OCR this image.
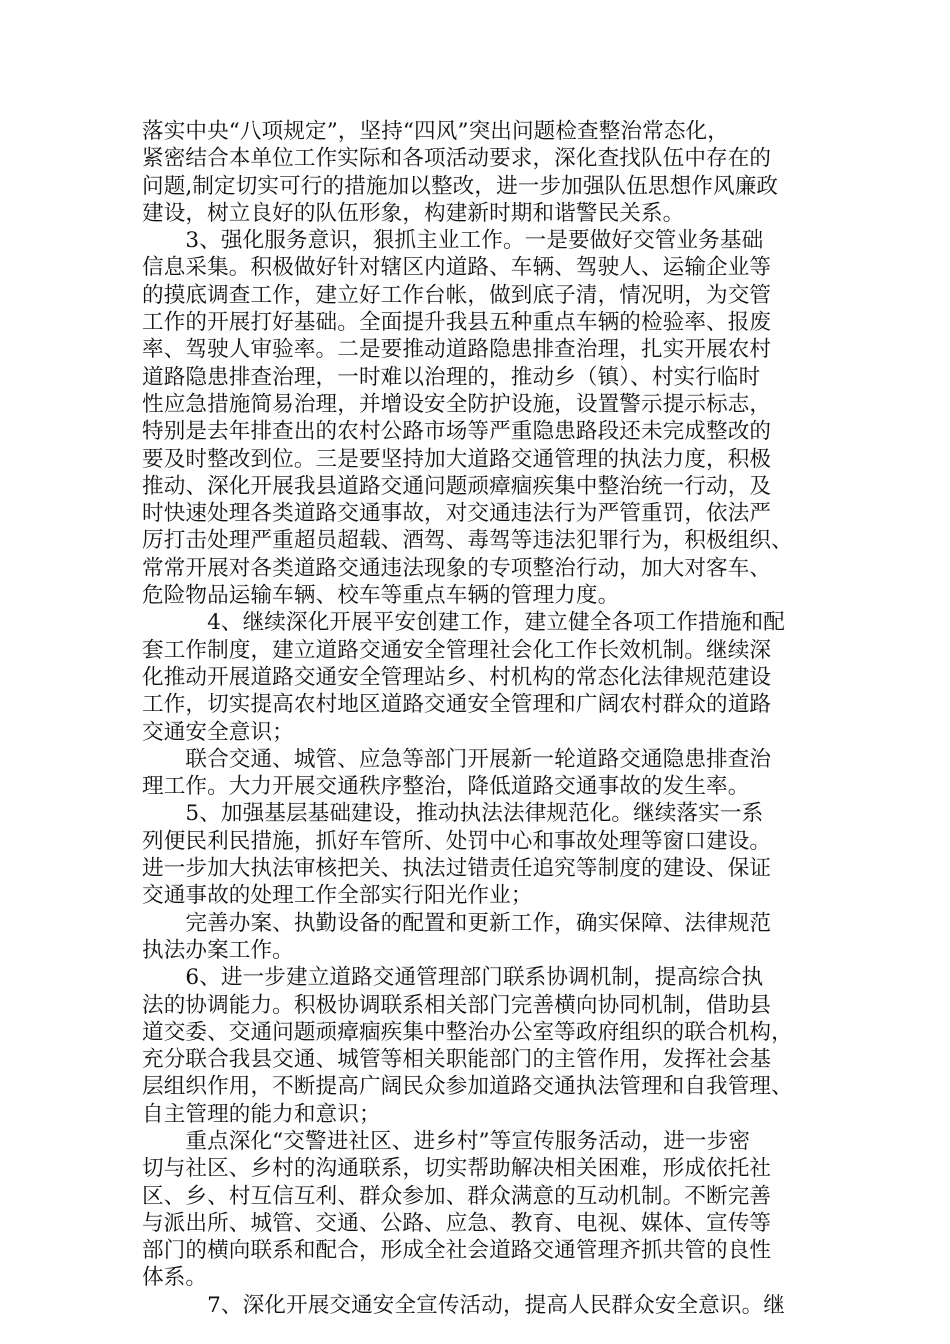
落实中央“八项规定”，坚持“四风”突出问题检查整治常态化，
紧密结合本单位工作实际和各项活动要求，深化查找队伍中存在的
问题,制定切实可行的措施加以整改，进一步加强队伍思想作风廉政
建设，树立良好的队伍形象，构建新时期和谐警民关系。
　　3、强化服务意识，狠抓主业工作。一是要做好交管业务基础
信息采集。积极做好针对辖区内道路、车辆、驾驶人、运输企业等
的摸底调查工作，建立好工作台帐，做到底子清，情况明，为交管
工作的开展打好基础。全面提升我县五种重点车辆的检验率、报废
率、驾驶人审验率。二是要推动道路隐患排查治理，扎实开展农村
道路隐患排查治理，一时难以治理的，推动乡（镇）、村实行临时
性应急措施简易治理，并增设安全防护设施，设置警示提示标志，
特别是去年排查出的农村公路市场等严重隐患路段还未完成整改的
要及时整改到位。三是要坚持加大道路交通管理的执法力度，积极
推动、深化开展我县道路交通问题顽瘴痼疾集中整治统一行动，及
时快速处理各类道路交通事故，对交通违法行为严管重罚，依法严
厉打击处理严重超员超载、酒驾、毒驾等违法犯罪行为，积极组织、
常常开展对各类道路交通违法现象的专项整治行动，加大对客车、
危险物品运输车辆、校车等重点车辆的管理力度。
　　　4、继续深化开展平安创建工作，建立健全各项工作措施和配
套工作制度，建立道路交通安全管理社会化工作长效机制。继续深
化推动开展道路交通安全管理站乡、村机构的常态化法律规范建设
工作，切实提高农村地区道路交通安全管理和广阔农村群众的道路
交通安全意识；
　　联合交通、城管、应急等部门开展新一轮道路交通隐患排查治
理工作。大力开展交通秩序整治，降低道路交通事故的发生率。
　　5、加强基层基础建设，推动执法法律规范化。继续落实一系
列便民利民措施，抓好车管所、处罚中心和事故处理等窗口建设。
进一步加大执法审核把关、执法过错责任追究等制度的建设、保证
交通事故的处理工作全部实行阳光作业；
　　完善办案、执勤设备的配置和更新工作，确实保障、法律规范
执法办案工作。
　　6、进一步建立道路交通管理部门联系协调机制，提高综合执
法的协调能力。积极协调联系相关部门完善横向协同机制，借助县
道交委、交通问题顽瘴痼疾集中整治办公室等政府组织的联合机构，
充分联合我县交通、城管等相关职能部门的主管作用，发挥社会基
层组织作用，不断提高广阔民众参加道路交通执法管理和自我管理、
自主管理的能力和意识；
　　重点深化“交警进社区、进乡村”等宣传服务活动，进一步密
切与社区、乡村的沟通联系，切实帮助解决相关困难，形成依托社
区、乡、村互信互利、群众参加、群众满意的互动机制。不断完善
与派出所、城管、交通、公路、应急、教育、电视、媒体、宣传等
部门的横向联系和配合，形成全社会道路交通管理齐抓共管的良性
体系。
　　　7、深化开展交通安全宣传活动，提高人民群众安全意识。继
